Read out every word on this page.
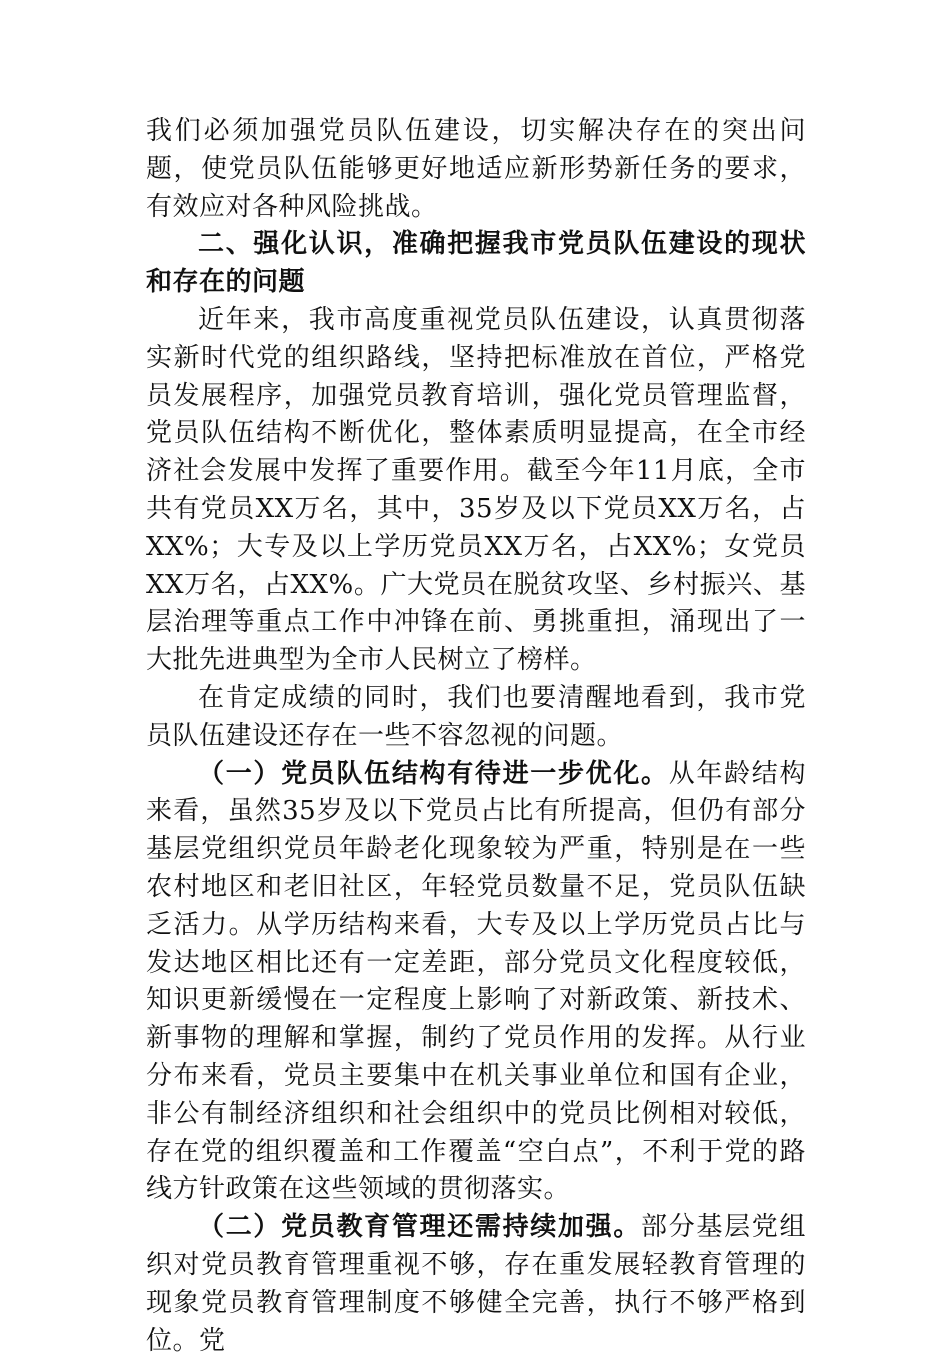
我们必须加强党员队伍建设，切实解决存在的突出问题，使党员队伍能够更好地适应新形势新任务的要求，有效应对各种风险挑战。

二、强化认识，准确把握我市党员队伍建设的现状和存在的问题

近年来，我市高度重视党员队伍建设，认真贯彻落实新时代党的组织路线，坚持把标准放在首位，严格党员发展程序，加强党员教育培训，强化党员管理监督，党员队伍结构不断优化，整体素质明显提高，在全市经济社会发展中发挥了重要作用。截至今年11月底，全市共有党员XX万名，其中，35岁及以下党员XX万名，占XX%；大专及以上学历党员XX万名，占XX%；女党员XX万名，占XX%。广大党员在脱贫攻坚、乡村振兴、基层治理等重点工作中冲锋在前、勇挑重担，涌现出了一大批先进典型为全市人民树立了榜样。

在肯定成绩的同时，我们也要清醒地看到，我市党员队伍建设还存在一些不容忽视的问题。

（一）党员队伍结构有待进一步优化。从年龄结构来看，虽然35岁及以下党员占比有所提高，但仍有部分基层党组织党员年龄老化现象较为严重，特别是在一些农村地区和老旧社区，年轻党员数量不足，党员队伍缺乏活力。从学历结构来看，大专及以上学历党员占比与发达地区相比还有一定差距，部分党员文化程度较低，知识更新缓慢在一定程度上影响了对新政策、新技术、新事物的理解和掌握，制约了党员作用的发挥。从行业分布来看，党员主要集中在机关事业单位和国有企业，非公有制经济组织和社会组织中的党员比例相对较低，存在党的组织覆盖和工作覆盖“空白点”，不利于党的路线方针政策在这些领域的贯彻落实。

（二）党员教育管理还需持续加强。部分基层党组织对党员教育管理重视不够，存在重发展轻教育管理的现象党员教育管理制度不够健全完善，执行不够严格到位。党
